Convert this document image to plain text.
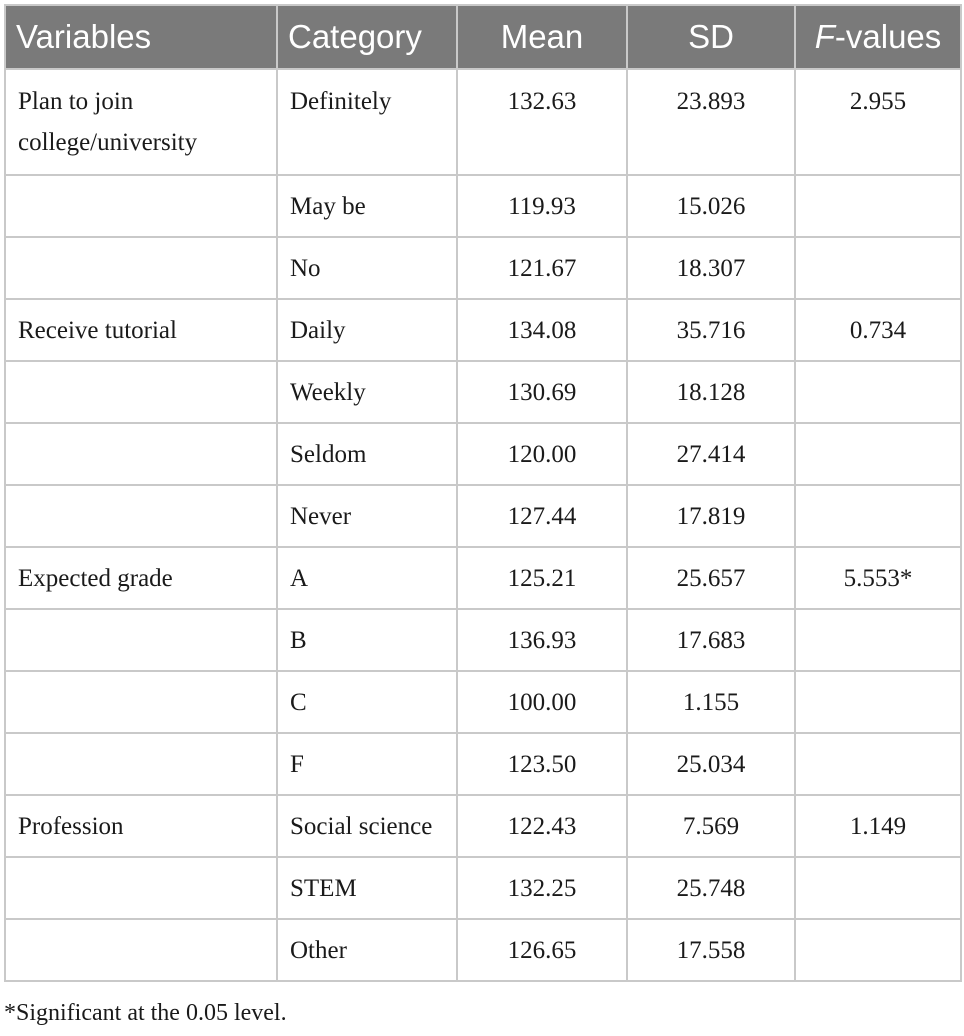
Variables	Category	Mean	SD	F-values
Plan to join college/university	Definitely	132.63	23.893	2.955
	May be	119.93	15.026	
	No	121.67	18.307	
Receive tutorial	Daily	134.08	35.716	0.734
	Weekly	130.69	18.128	
	Seldom	120.00	27.414	
	Never	127.44	17.819	
Expected grade	A	125.21	25.657	5.553*
	B	136.93	17.683	
	C	100.00	1.155	
	F	123.50	25.034	
Profession	Social science	122.43	7.569	1.149
	STEM	132.25	25.748	
	Other	126.65	17.558	
*Significant at the 0.05 level.
